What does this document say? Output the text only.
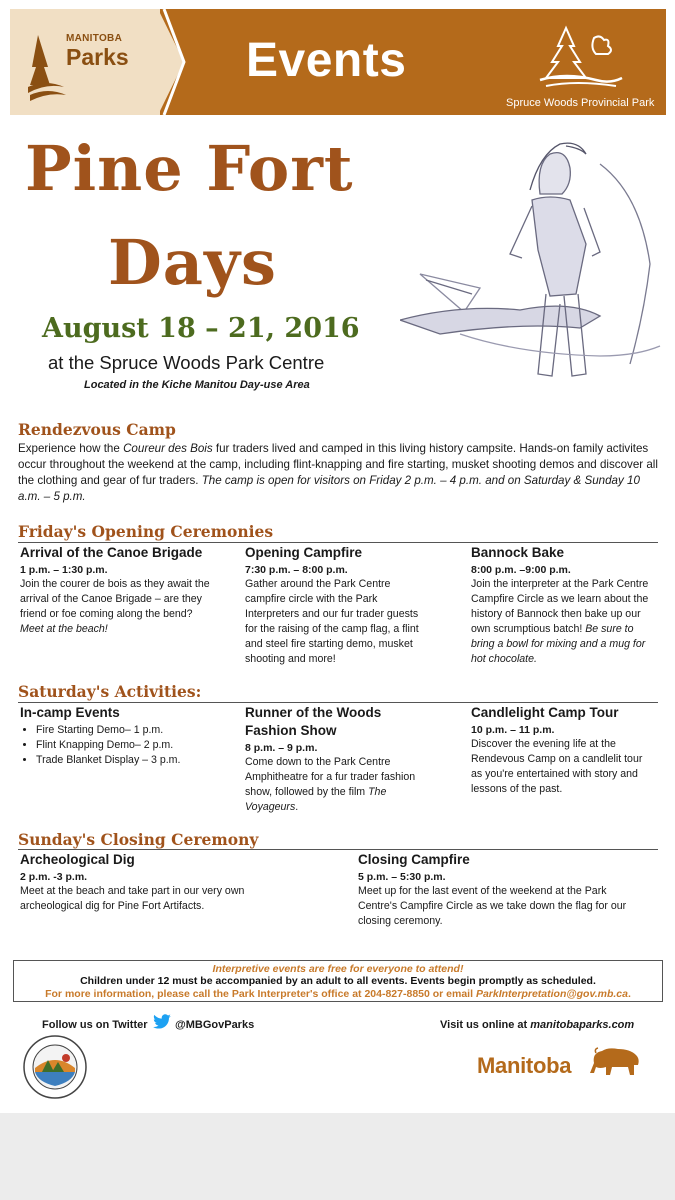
MANITOBA
Parks Events
Spruce Woods Provincial Park
Pine Fort
Days
August 18 – 21, 2016
at the Spruce Woods Park Centre
Located in the Kiche Manitou Day-use Area
Rendezvous Camp
Experience how the Coureur des Bois fur traders lived and camped in this living history campsite. Hands-on family activites occur throughout the weekend at the camp, including flint-knapping and fire starting, musket shooting demos and discover all the clothing and gear of fur traders. The camp is open for visitors on Friday 2 p.m. – 4 p.m. and on Saturday & Sunday 10 a.m. – 5 p.m.
Friday's Opening Ceremonies
Arrival of the Canoe Brigade
1 p.m. – 1:30 p.m.
Join the courer de bois as they await the arrival of the Canoe Brigade – are they friend or foe coming along the bend? Meet at the beach!
Opening Campfire
7:30 p.m. – 8:00 p.m.
Gather around the Park Centre campfire circle with the Park Interpreters and our fur trader guests for the raising of the camp flag, a flint and steel fire starting demo, musket shooting and more!
Bannock Bake
8:00 p.m. –9:00 p.m.
Join the interpreter at the Park Centre Campfire Circle as we learn about the history of Bannock then bake up our own scrumptious batch! Be sure to bring a bowl for mixing and a mug for hot chocolate.
Saturday's Activities:
In-camp Events
• Fire Starting Demo– 1 p.m.
• Flint Knapping Demo– 2 p.m.
• Trade Blanket Display – 3 p.m.
Runner of the Woods
Fashion Show
8 p.m. – 9 p.m.
Come down to the Park Centre Amphitheatre for a fur trader fashion show, followed by the film The Voyageurs.
Candlelight Camp Tour
10 p.m. – 11 p.m.
Discover the evening life at the Rendevous Camp on a candlelit tour as you're entertained with story and lessons of the past.
Sunday's Closing Ceremony
Archeological Dig
2 p.m. -3 p.m.
Meet at the beach and take part in our very own archeological dig for Pine Fort Artifacts.
Closing Campfire
5 p.m. – 5:30 p.m.
Meet up for the last event of the weekend at the Park Centre's Campfire Circle as we take down the flag for our closing ceremony.
Interpretive events are free for everyone to attend!
Children under 12 must be accompanied by an adult to all events. Events begin promptly as scheduled.
For more information, please call the Park Interpreter's office at 204-827-8850 or email ParkInterpretation@gov.mb.ca.
Follow us on Twitter @MBGovParks	Visit us online at manitobaparks.com
Manitoba
